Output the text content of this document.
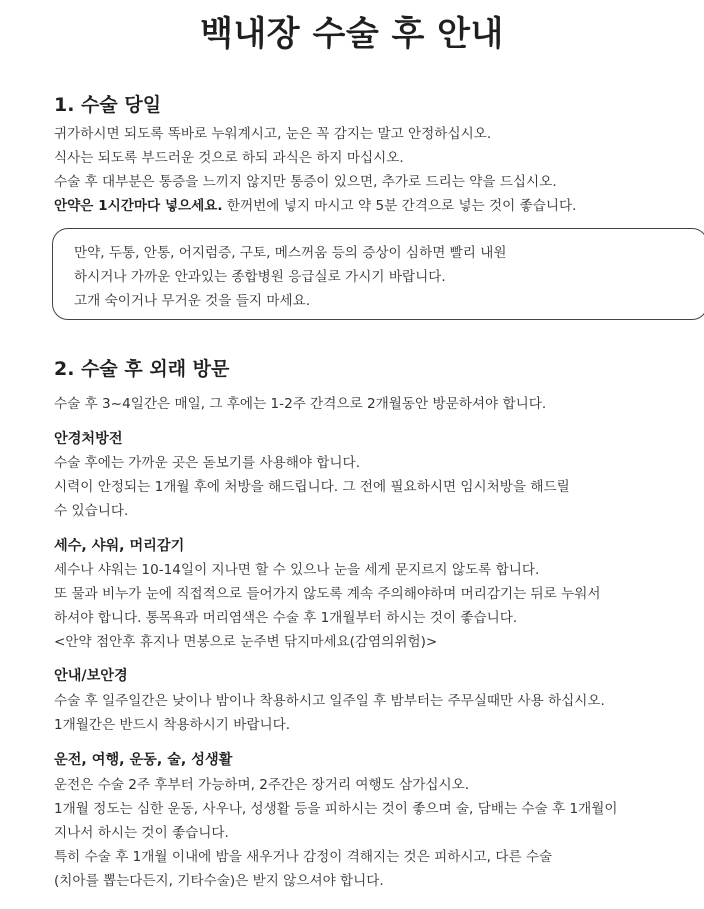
백내장 수술 후 안내
1. 수술 당일
귀가하시면 되도록 똑바로 누워계시고, 눈은 꼭 감지는 말고 안정하십시오.
식사는 되도록 부드러운 것으로 하되 과식은 하지 마십시오.
수술 후 대부분은 통증을 느끼지 않지만 통증이 있으면, 추가로 드리는 약을 드십시오.
안약은 1시간마다 넣으세요. 한꺼번에 넣지 마시고 약 5분 간격으로 넣는 것이 좋습니다.
만약, 두통, 안통, 어지럼증, 구토, 메스꺼움 등의 증상이 심하면 빨리 내원
하시거나 가까운 안과있는 종합병원 응급실로 가시기 바랍니다.
고개 숙이거나 무거운 것을 들지 마세요.
2. 수술 후 외래 방문
수술 후 3~4일간은 매일, 그 후에는 1-2주 간격으로 2개월동안 방문하셔야 합니다.
안경처방전
수술 후에는 가까운 곳은 돋보기를 사용해야 합니다.
시력이 안정되는 1개월 후에 처방을 해드립니다. 그 전에 필요하시면 임시처방을 해드릴
수 있습니다.
세수, 샤워, 머리감기
세수나 샤워는 10-14일이 지나면 할 수 있으나 눈을 세게 문지르지 않도록 합니다.
또 물과 비누가 눈에 직접적으로 들어가지 않도록 계속 주의해야하며 머리감기는 뒤로 누워서
하셔야 합니다. 통목욕과 머리염색은 수술 후 1개월부터 하시는 것이 좋습니다.
<안약 점안후 휴지나 면봉으로 눈주변 닦지마세요(감염의위험)>
안내/보안경
수술 후 일주일간은 낮이나 밤이나 착용하시고 일주일 후 밤부터는 주무실때만 사용 하십시오.
1개월간은 반드시 착용하시기 바랍니다.
운전, 여행, 운동, 술, 성생활
운전은 수술 2주 후부터 가능하며, 2주간은 장거리 여행도 삼가십시오.
1개월 정도는 심한 운동, 사우나, 성생활 등을 피하시는 것이 좋으며 술, 담배는 수술 후 1개월이
지나서 하시는 것이 좋습니다.
특히 수술 후 1개월 이내에 밤을 새우거나 감정이 격해지는 것은 피하시고, 다른 수술
(치아를 뽑는다든지, 기타수술)은 받지 않으셔야 합니다.
